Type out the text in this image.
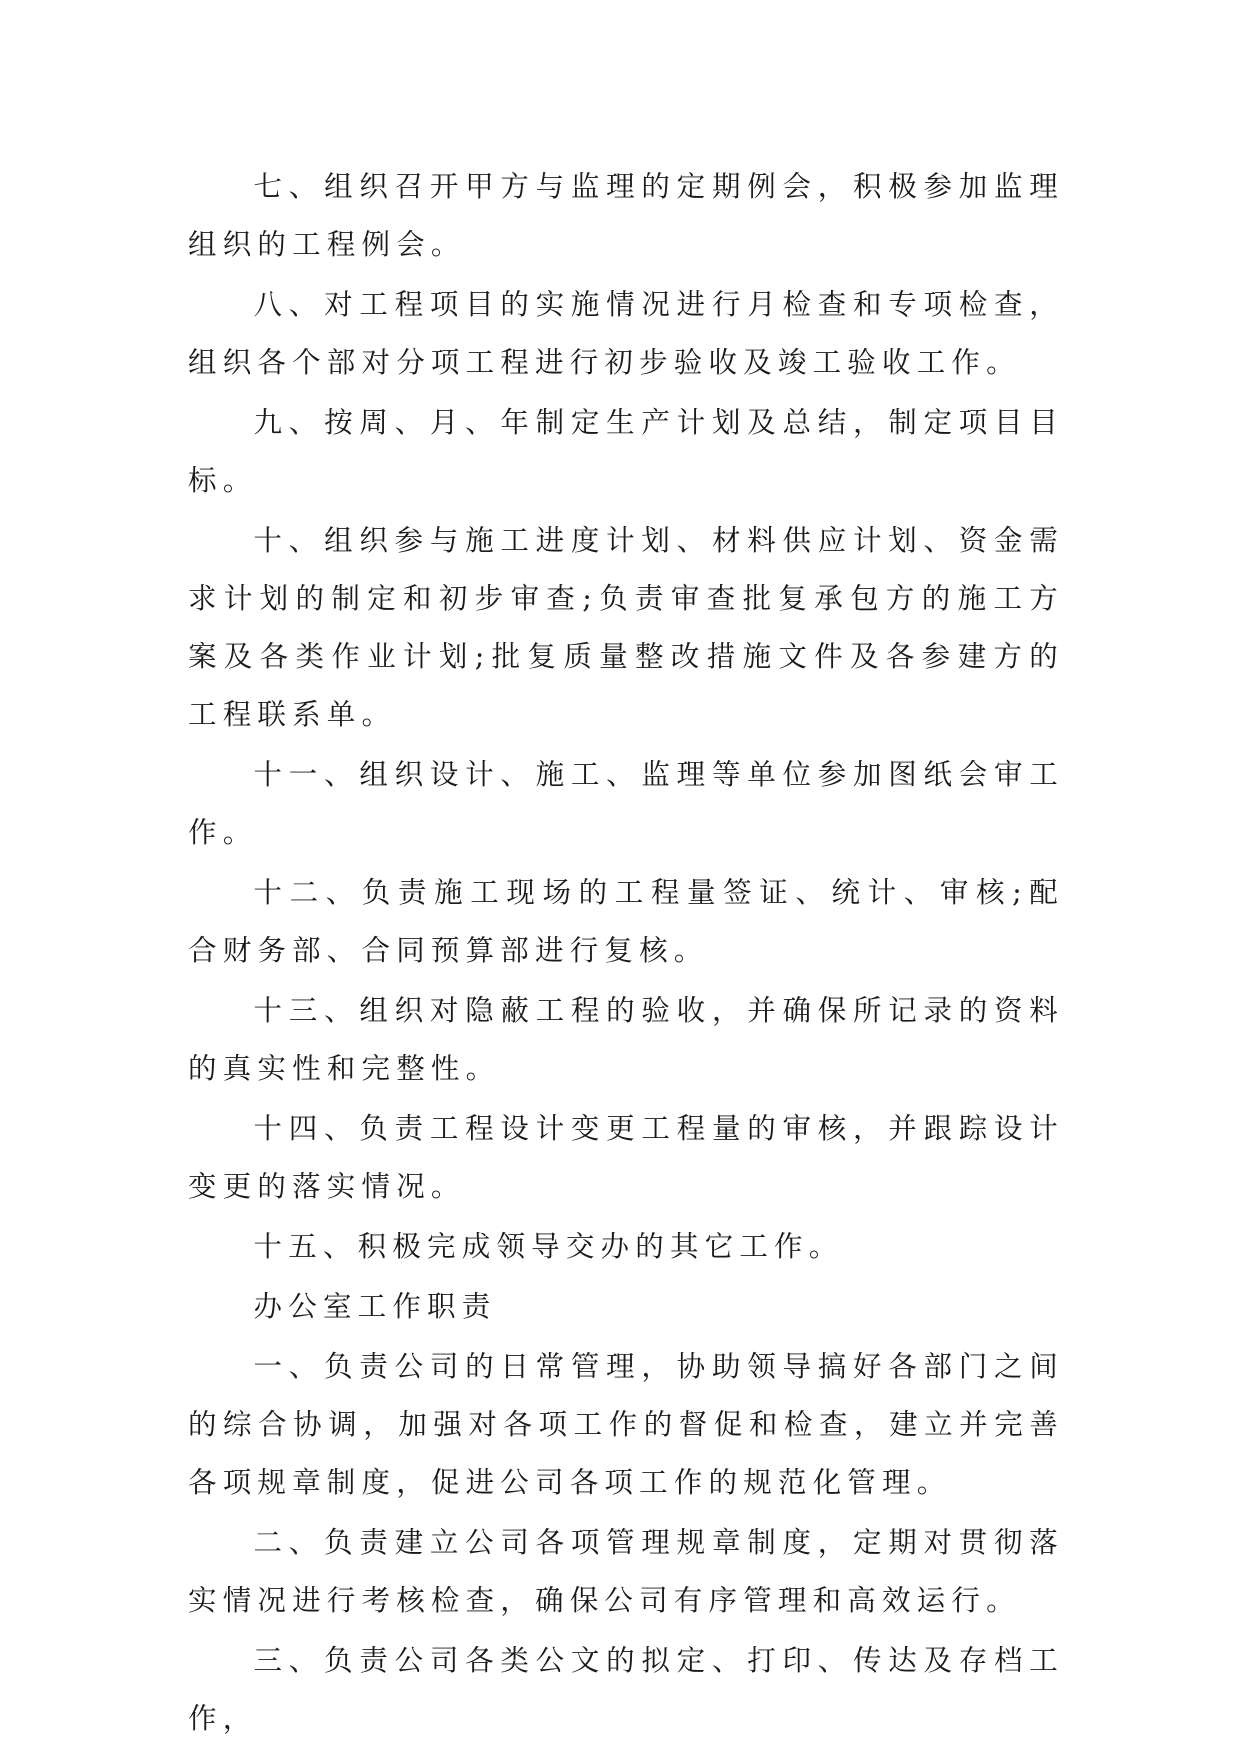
七、组织召开甲方与监理的定期例会，积极参加监理组织的工程例会。

八、对工程项目的实施情况进行月检查和专项检查，组织各个部对分项工程进行初步验收及竣工验收工作。

九、按周、月、年制定生产计划及总结，制定项目目标。

十、组织参与施工进度计划、材料供应计划、资金需求计划的制定和初步审查;负责审查批复承包方的施工方案及各类作业计划;批复质量整改措施文件及各参建方的工程联系单。

十一、组织设计、施工、监理等单位参加图纸会审工作。

十二、负责施工现场的工程量签证、统计、审核;配合财务部、合同预算部进行复核。

十三、组织对隐蔽工程的验收，并确保所记录的资料的真实性和完整性。

十四、负责工程设计变更工程量的审核，并跟踪设计变更的落实情况。

十五、积极完成领导交办的其它工作。

办公室工作职责

一、负责公司的日常管理，协助领导搞好各部门之间的综合协调，加强对各项工作的督促和检查，建立并完善各项规章制度，促进公司各项工作的规范化管理。

二、负责建立公司各项管理规章制度，定期对贯彻落实情况进行考核检查，确保公司有序管理和高效运行。

三、负责公司各类公文的拟定、打印、传达及存档工作，
